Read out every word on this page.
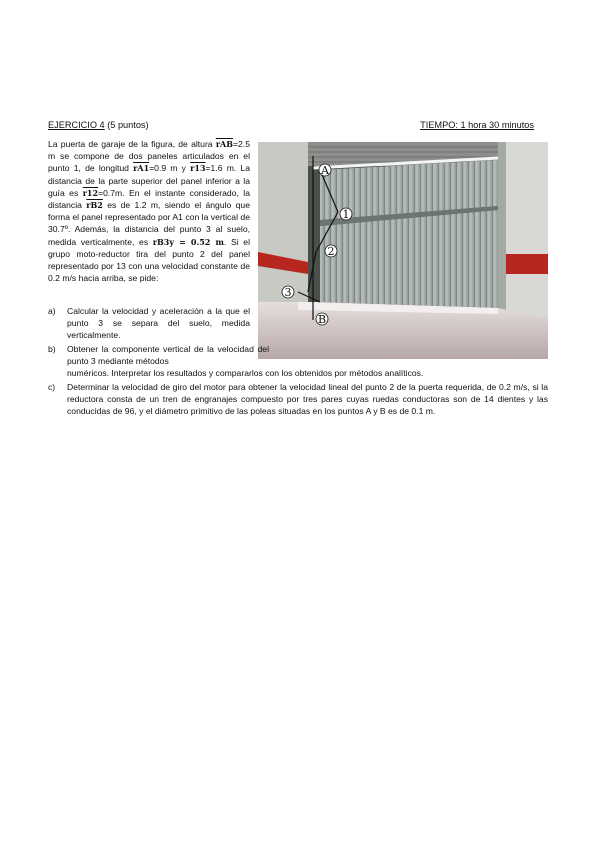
EJERCICIO 4 (5 puntos)	TIEMPO: 1 hora 30 minutos
La puerta de garaje de la figura, de altura $\overline{rAB}=2.5$ m se compone de dos paneles articulados en el punto 1, de longitud rA1=0.9 m y r13=1.6 m. La distancia de la parte superior del panel inferior a la guía es r12=0.7m. En el instante considerado, la distancia rB2 es de 1.2 m, siendo el ángulo que forma el panel representado por A1 con la vertical de 30.7º. Además, la distancia del punto 3 al suelo, medida verticalmente, es rB3y = 0.52 m. Si el grupo moto-reductor tira del punto 2 del panel representado por 13 con una velocidad constante de 0.2 m/s hacia arriba, se pide:
A
1
2
3
B
a) Calcular la velocidad y aceleración a la que el punto 3 se separa del suelo, medida verticalmente.
b) Obtener la componente vertical de la velocidad del punto 3 mediante métodos
numéricos. Interpretar los resultados y compararlos con los obtenidos por métodos analíticos.
c) Determinar la velocidad de giro del motor para obtener la velocidad lineal del punto 2 de la puerta requerida, de 0.2 m/s, si la reductora consta de un tren de engranajes compuesto por tres pares cuyas ruedas conductoras son de 14 dientes y las conducidas de 96, y el diámetro primitivo de las poleas situadas en los puntos A y B es de 0.1 m.
